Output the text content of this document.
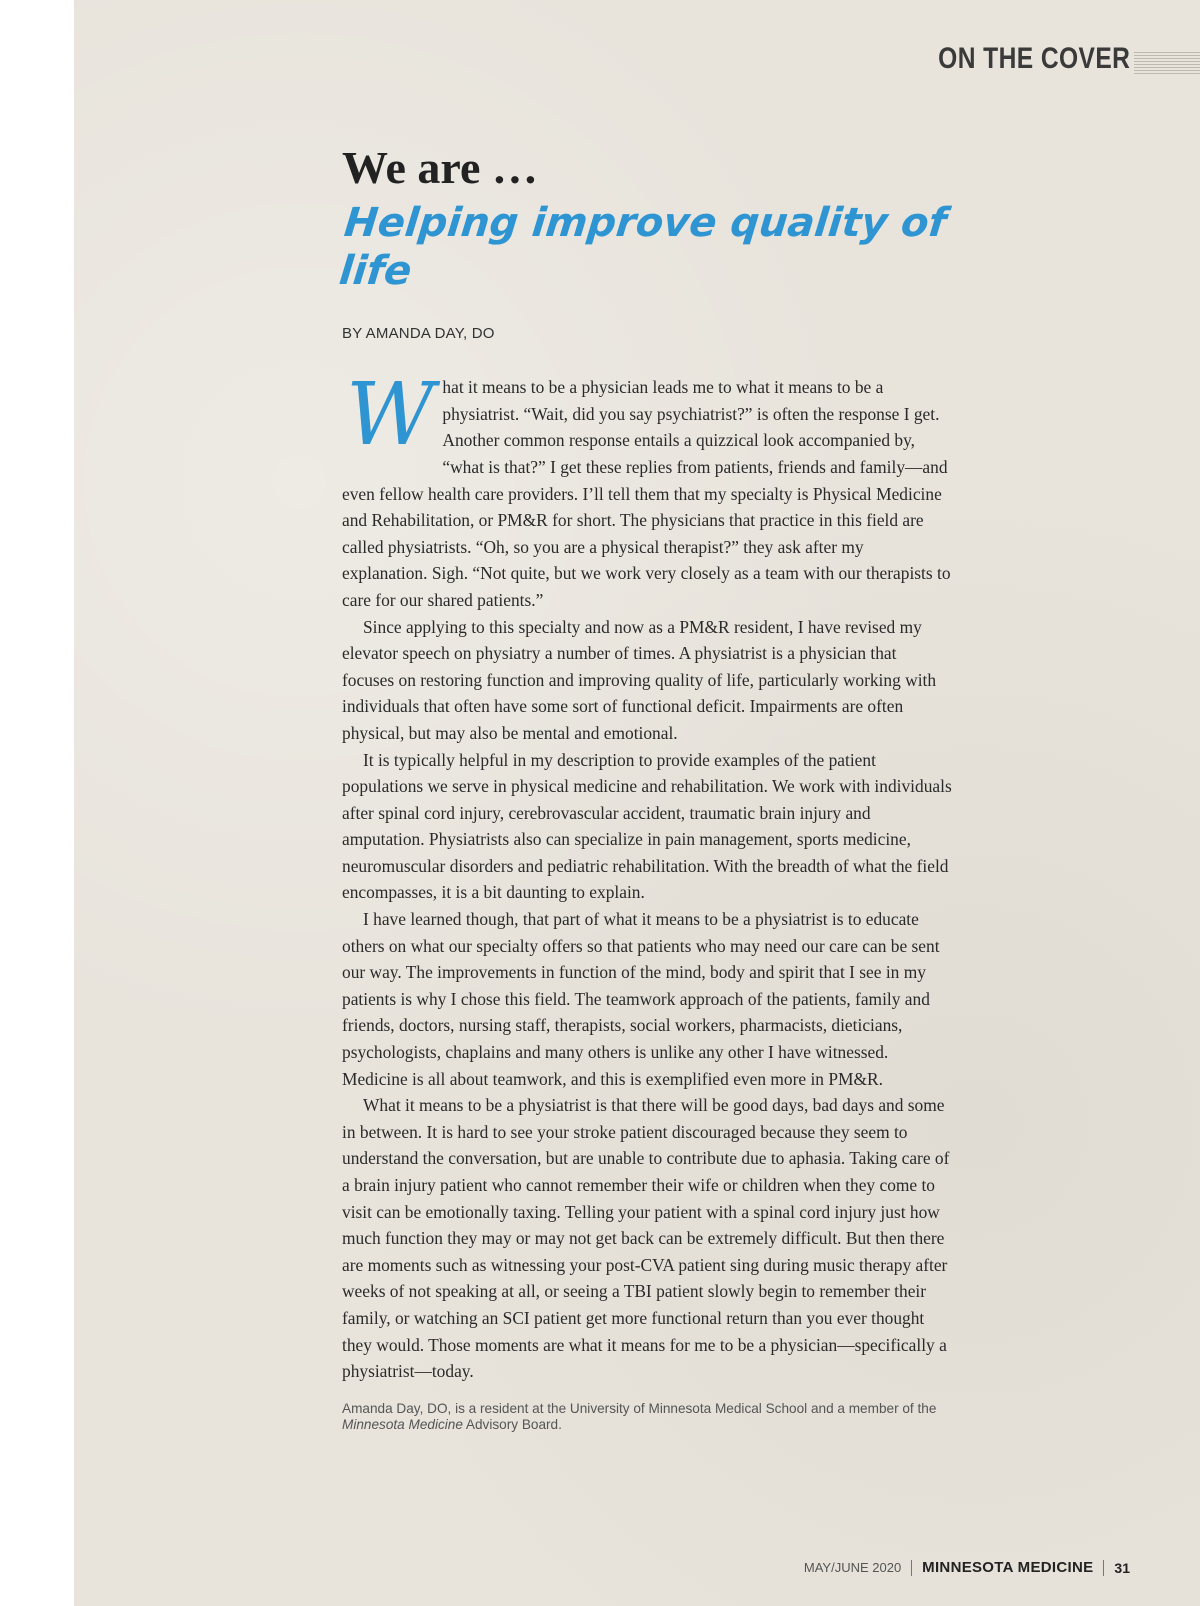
ON THE COVER
We are …
Helping improve quality of life
BY AMANDA DAY, DO

What it means to be a physician leads me to what it means to be a physiatrist. “Wait, did you say psychiatrist?” is often the response I get. Another common response entails a quizzical look accompanied by, “what is that?” I get these replies from patients, friends and family—and even fellow health care providers. I’ll tell them that my specialty is Physical Medicine and Rehabilitation, or PM&R for short. The physicians that practice in this field are called physiatrists. “Oh, so you are a physical therapist?” they ask after my explanation. Sigh. “Not quite, but we work very closely as a team with our therapists to care for our shared patients.”

Since applying to this specialty and now as a PM&R resident, I have revised my elevator speech on physiatry a number of times. A physiatrist is a physician that focuses on restoring function and improving quality of life, particularly working with individuals that often have some sort of functional deficit. Impairments are often physical, but may also be mental and emotional.

It is typically helpful in my description to provide examples of the patient populations we serve in physical medicine and rehabilitation. We work with individuals after spinal cord injury, cerebrovascular accident, traumatic brain injury and amputation. Physiatrists also can specialize in pain management, sports medicine, neuromuscular disorders and pediatric rehabilitation. With the breadth of what the field encompasses, it is a bit daunting to explain.

I have learned though, that part of what it means to be a physiatrist is to educate others on what our specialty offers so that patients who may need our care can be sent our way. The improvements in function of the mind, body and spirit that I see in my patients is why I chose this field. The teamwork approach of the patients, family and friends, doctors, nursing staff, therapists, social workers, pharmacists, dieticians, psychologists, chaplains and many others is unlike any other I have witnessed. Medicine is all about teamwork, and this is exemplified even more in PM&R.

What it means to be a physiatrist is that there will be good days, bad days and some in between. It is hard to see your stroke patient discouraged because they seem to understand the conversation, but are unable to contribute due to aphasia. Taking care of a brain injury patient who cannot remember their wife or children when they come to visit can be emotionally taxing. Telling your patient with a spinal cord injury just how much function they may or may not get back can be extremely difficult. But then there are moments such as witnessing your post-CVA patient sing during music therapy after weeks of not speaking at all, or seeing a TBI patient slowly begin to remember their family, or watching an SCI patient get more functional return than you ever thought they would. Those moments are what it means for me to be a physician—specifically a physiatrist—today.

Amanda Day, DO, is a resident at the University of Minnesota Medical School and a member of the Minnesota Medicine Advisory Board.
MAY/JUNE 2020 MINNESOTA MEDICINE 31
